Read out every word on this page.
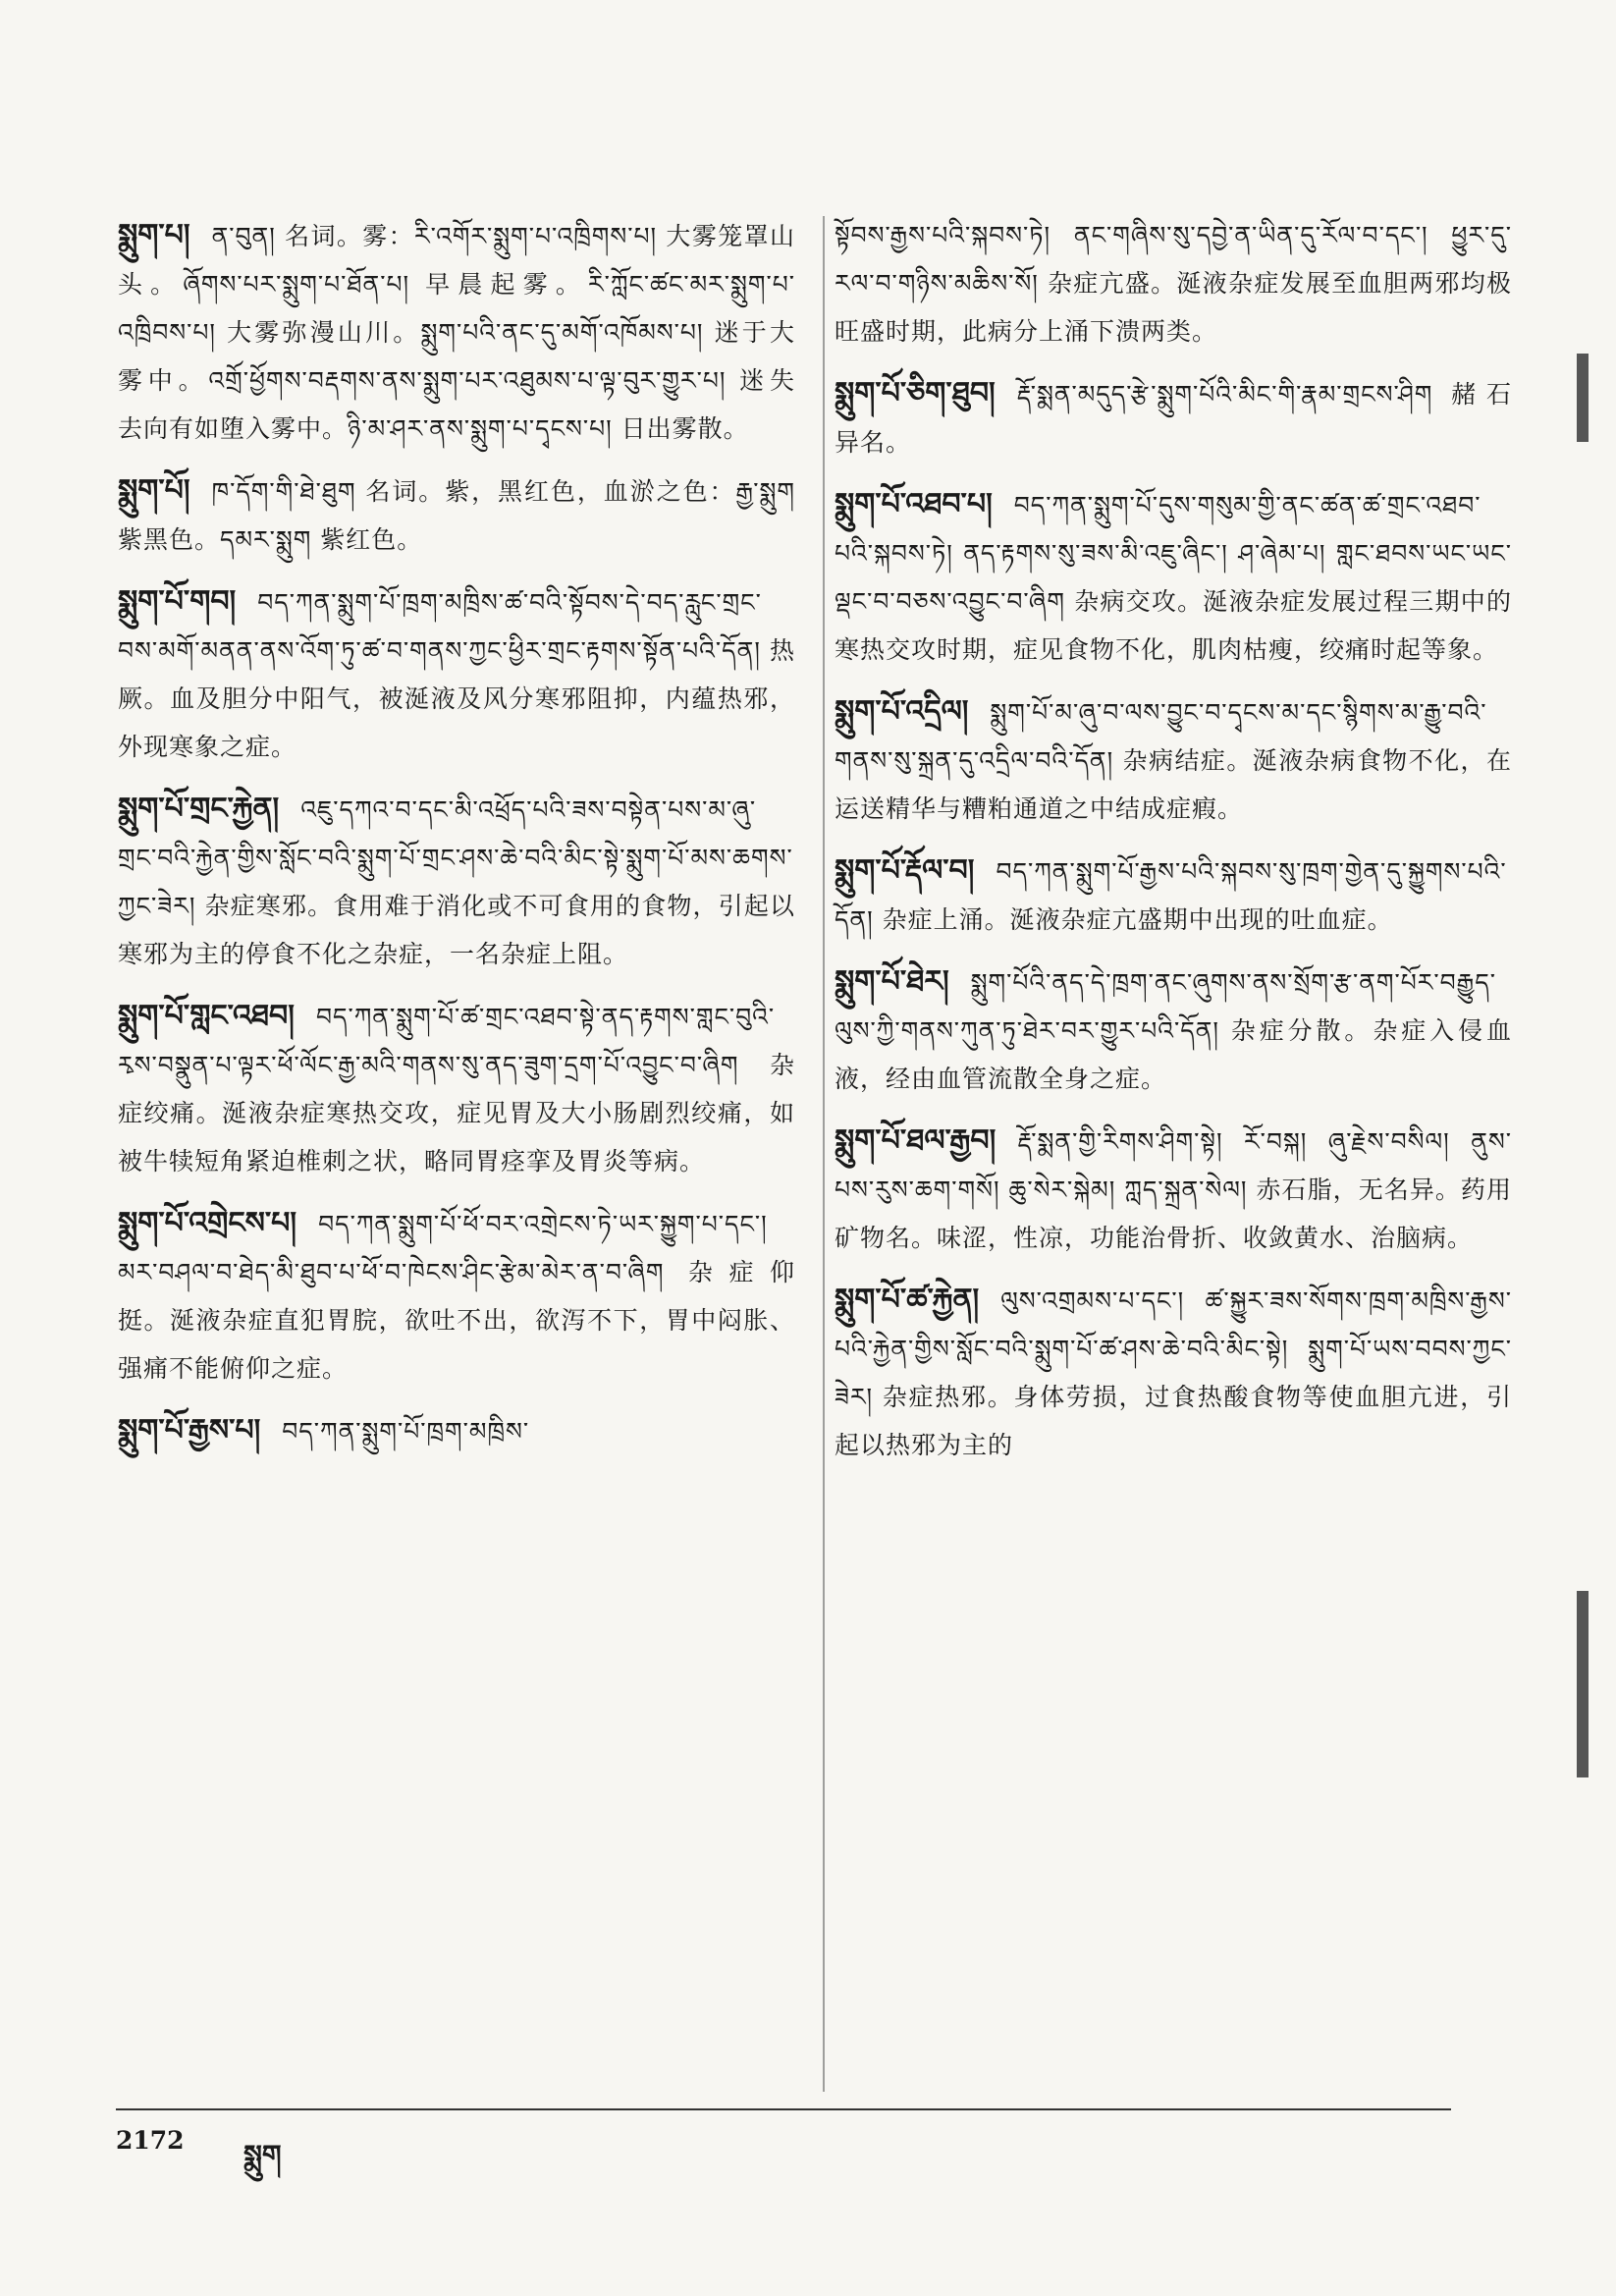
སྨུག་པ། ན་བུན། 名词。雾：རི་འགོར་སྨུག་པ་འཁྲིགས་པ། 大雾笼罩山头。ཞོགས་པར་སྨུག་པ་ཐོན་པ། 早晨起雾。རི་ཀློང་ཚང་མར་སྨུག་པ་འཁྲིབས་པ། 大雾弥漫山川。སྨུག་པའི་ནང་དུ་མགོ་འཁོམས་པ། 迷于大雾中。འགྲོ་ཕྱོགས་བརྡགས་ནས་སྨུག་པར་འཐུམས་པ་ལྟ་བུར་གྱུར་པ། 迷失去向有如堕入雾中。ཉི་མ་ཤར་ནས་སྨུག་པ་དྭངས་པ། 日出雾散。
སྨུག་པོ། ཁ་དོག་གི་ཐེ་ཐུག 名词。紫，黑红色，血淤之色：རྒྱ་སྨུག 紫黑色。དམར་སྨུག 紫红色。
སྨུག་པོ་གབ། བད་ཀན་སྨུག་པོ་ཁྲག་མཁྲིས་ཚ་བའི་སྟོབས་དེ་བད་རླུང་གྲང་བས་མགོ་མནན་ནས་འོག་ཏུ་ཚ་བ་གནས་ཀྱང་ཕྱིར་གྲང་རྟགས་སྟོན་པའི་དོན། 热厥。血及胆分中阳气，被涎液及风分寒邪阻抑，内蕴热邪，外现寒象之症。
སྨུག་པོ་གྲང་རྐྱེན། འཇུ་དཀའ་བ་དང་མི་འཕྲོད་པའི་ཟས་བསྟེན་པས་མ་ཞུ་གྲང་བའི་རྐྱེན་གྱིས་སློང་བའི་སྨུག་པོ་གྲང་ཤས་ཆེ་བའི་མིང་སྟེ་སྨུག་པོ་མས་ཆགས་ཀྱང་ཟེར། 杂症寒邪。食用难于消化或不可食用的食物，引起以寒邪为主的停食不化之杂症，一名杂症上阻。
སྨུག་པོ་གླང་འཐབ། བད་ཀན་སྨུག་པོ་ཚ་གྲང་འཐབ་སྟེ་ནད་རྟགས་གླང་བུའི་རྭས་བསྣུན་པ་ལྟར་ཕོ་ལོང་རྒྱ་མའི་གནས་སུ་ནད་ཟུག་དྲག་པོ་འབྱུང་བ་ཞིག 杂症绞痛。涎液杂症寒热交攻，症见胃及大小肠剧烈绞痛，如被牛犊短角紧迫椎刺之状，略同胃痉挛及胃炎等病。
སྨུག་པོ་འགྲེངས་པ། བད་ཀན་སྨུག་པོ་ཕོ་བར་འགྲེངས་ཏེ་ཡར་སྐྱུག་པ་དང་། མར་བཤལ་བ་ཐེད་མི་ཐུབ་པ་ཕོ་བ་ཁེངས་ཤིང་རྩེམ་མེར་ན་བ་ཞིག 杂症仰挺。涎液杂症直犯胃脘，欲吐不出，欲泻不下，胃中闷胀、强痛不能俯仰之症。
སྨུག་པོ་རྒྱས་པ། བད་ཀན་སྨུག་པོ་ཁྲག་མཁྲིས་
སྟོབས་རྒྱས་པའི་སྐབས་ཏེ། ནང་གཞིས་སུ་དབྱེ་ན་ཡིན་དུ་ཪོལ་བ་དང་། ཕྱུར་དུ་རལ་བ་གཉིས་མཆིས་སོ། 杂症亢盛。涎液杂症发展至血胆两邪均极旺盛时期，此病分上涌下溃两类。
སྨུག་པོ་ཅིག་ཐུབ། རྡོ་སྨན་མདུད་རྩེ་སྨུག་པོའི་མིང་གི་རྣམ་གྲངས་ཤིག 赭石异名。
སྨུག་པོ་འཐབ་པ། བད་ཀན་སྨུག་པོ་དུས་གསུམ་གྱི་ནང་ཚན་ཚ་གྲང་འཐབ་པའི་སྐབས་ཏེ། ནད་རྟགས་སུ་ཟས་མི་འཇུ་ཞིང་། ཤ་ཞེམ་པ། གླང་ཐབས་ཡང་ཡང་ལྡང་བ་བཅས་འབྱུང་བ་ཞིག 杂病交攻。涎液杂症发展过程三期中的寒热交攻时期，症见食物不化，肌肉枯瘦，绞痛时起等象。
སྨུག་པོ་འདྲིལ། སྨུག་པོ་མ་ཞུ་བ་ལས་བྱུང་བ་དྭངས་མ་དང་སྙིགས་མ་རྒྱུ་བའི་གནས་སུ་སྐྲན་དུ་འདྲིལ་བའི་དོན། 杂病结症。涎液杂病食物不化，在运送精华与糟粕通道之中结成症瘕。
སྨུག་པོ་རྡོལ་བ། བད་ཀན་སྨུག་པོ་རྒྱས་པའི་སྐབས་སུ་ཁྲག་གྱེན་དུ་སྐྱུགས་པའི་དོན། 杂症上涌。涎液杂症亢盛期中出现的吐血症。
སྨུག་པོ་ཐེར། སྨུག་པོའི་ནད་དེ་ཁྲག་ནང་ཞུགས་ནས་སྲོག་རྩ་ནག་པོར་བརྒྱུད་ལུས་ཀྱི་གནས་ཀུན་ཏུ་ཐེར་བར་གྱུར་པའི་དོན། 杂症分散。杂症入侵血液，经由血管流散全身之症。
སྨུག་པོ་ཐལ་རྒྱབ། རྡོ་སྨན་གྱི་རིགས་ཤིག་སྟེ། རོ་བསྐ། ཞུ་རྗེས་བསིལ། ནུས་པས་རུས་ཆག་གསོ། ཆུ་སེར་སྐེམ། ཀླད་སྐྲན་སེལ། 赤石脂，无名异。药用矿物名。味涩，性凉，功能治骨折、收敛黄水、治脑病。
སྨུག་པོ་ཚ་རྐྱེན། ལུས་འགྲམས་པ་དང་། ཚ་སྐྱུར་ཟས་སོགས་ཁྲག་མཁྲིས་རྒྱས་པའི་རྐྱེན་གྱིས་སློང་བའི་སྨུག་པོ་ཚ་ཤས་ཆེ་བའི་མིང་སྟེ། སྨུག་པོ་ཡས་བབས་ཀྱང་ཟེར། 杂症热邪。身体劳损，过食热酸食物等使血胆亢进，引起以热邪为主的
2172 སྨུག
